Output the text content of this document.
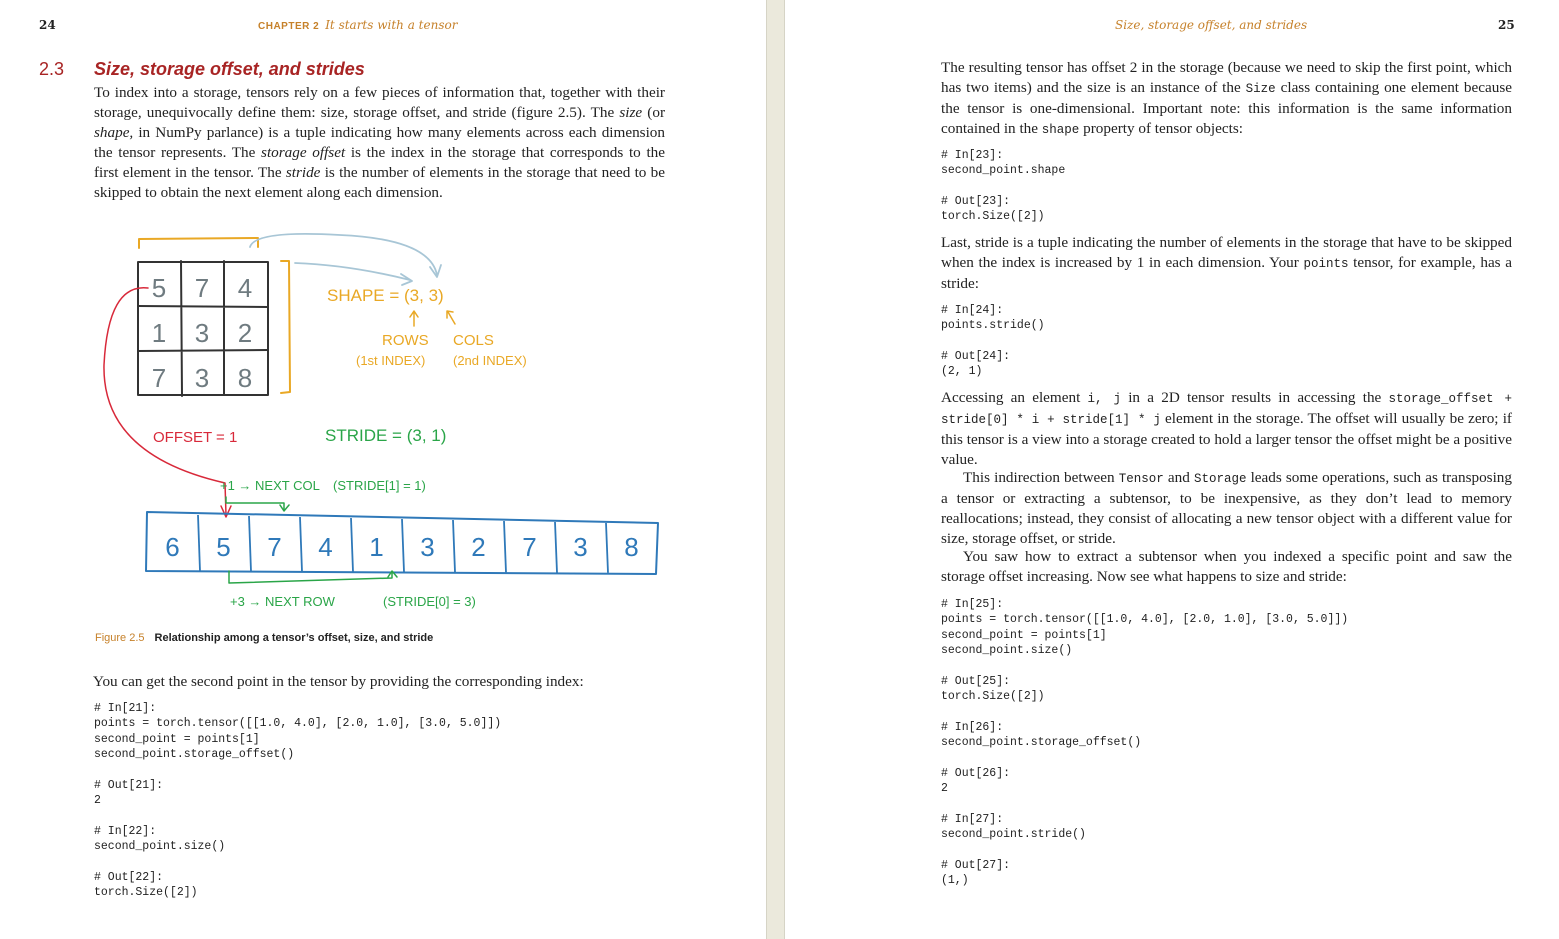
24	CHAPTER 2 It starts with a tensor
2.3 Size, storage offset, and strides

To index into a storage, tensors rely on a few pieces of information that, together with their storage, unequivocally define them: size, storage offset, and stride (figure 2.5). The size (or shape, in NumPy parlance) is a tuple indicating how many elements across each dimension the tensor represents. The storage offset is the index in the storage that corresponds to the first element in the tensor. The stride is the number of elements in the storage that need to be skipped to obtain the next element along each dimension.

5 7 4
1 3 2
7 3 8
SHAPE = (3, 3)
ROWS
(1st INDEX)
COLS
(2nd INDEX)
OFFSET = 1	STRIDE = (3, 1)
+1 → NEXT COL (STRIDE[1] = 1)
+3 → NEXT ROW	(STRIDE[0] = 3)
6 5 7 4 1 3 2 7 3 8
Figure 2.5 Relationship among a tensor’s offset, size, and stride

You can get the second point in the tensor by providing the corresponding index:

# In[21]:
points = torch.tensor([[1.0, 4.0], [2.0, 1.0], [3.0, 5.0]])
second_point = points[1]
second_point.storage_offset()
# Out[21]:
2
# In[22]:
second_point.size()
# Out[22]:
torch.Size([2])
Size, storage offset, and strides	25

The resulting tensor has offset 2 in the storage (because we need to skip the first point, which has two items) and the size is an instance of the Size class containing one element because the tensor is one-dimensional. Important note: this information is the same information contained in the shape property of tensor objects:

# In[23]:
second_point.shape
# Out[23]:
torch.Size([2])

Last, stride is a tuple indicating the number of elements in the storage that have to be skipped when the index is increased by 1 in each dimension. Your points tensor, for example, has a stride:

# In[24]:
points.stride()
# Out[24]:
(2, 1)

Accessing an element i, j in a 2D tensor results in accessing the storage_offset + stride[0] * i + stride[1] * j element in the storage. The offset will usually be zero; if this tensor is a view into a storage created to hold a larger tensor the offset might be a positive value.

This indirection between Tensor and Storage leads some operations, such as transposing a tensor or extracting a subtensor, to be inexpensive, as they don’t lead to memory reallocations; instead, they consist of allocating a new tensor object with a different value for size, storage offset, or stride.

You saw how to extract a subtensor when you indexed a specific point and saw the storage offset increasing. Now see what happens to size and stride:

# In[25]:
points = torch.tensor([[1.0, 4.0], [2.0, 1.0], [3.0, 5.0]])
second_point = points[1]
second_point.size()
# Out[25]:
torch.Size([2])
# In[26]:
second_point.storage_offset()
# Out[26]:
2
# In[27]:
second_point.stride()
# Out[27]:
(1,)
